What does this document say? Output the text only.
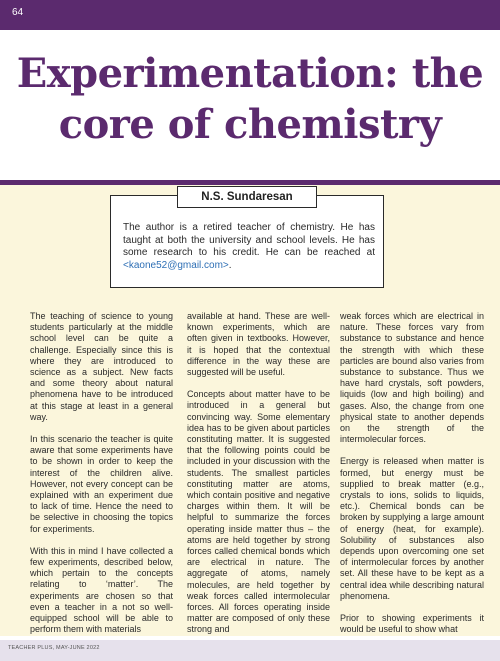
64
Experimentation: the
core of chemistry
N.S. Sundaresan

The author is a retired teacher of chemistry. He has taught at both the university and school levels. He has some research to his credit. He can be reached at <kaone52@gmail.com>.

The teaching of science to young students particularly at the middle school level can be quite a challenge. Especially since this is where they are introduced to science as a subject. New facts and some theory about natural phenomena have to be introduced at this stage at least in a general way.

In this scenario the teacher is quite aware that some experiments have to be shown in order to keep the interest of the children alive. However, not every concept can be explained with an experiment due to lack of time. Hence the need to be selective in choosing the topics for experiments.

With this in mind I have collected a few experiments, described below, which pertain to the concepts relating to ‘matter’. The experiments are chosen so that even a teacher in a not so well-equipped school will be able to perform them with materials

available at hand. These are well-known experiments, which are often given in textbooks. However, it is hoped that the contextual difference in the way these are suggested will be useful.

Concepts about matter have to be introduced in a general but convincing way. Some elementary idea has to be given about particles constituting matter. It is suggested that the following points could be included in your discussion with the students. The smallest particles constituting matter are atoms, which contain positive and negative charges within them. It will be helpful to summarize the forces operating inside matter thus – the atoms are held together by strong forces called chemical bonds which are electrical in nature. The aggregate of atoms, namely molecules, are held together by weak forces called intermolecular forces. All forces operating inside matter are composed of only these strong and

weak forces which are electrical in nature. These forces vary from substance to substance and hence the strength with which these particles are bound also varies from substance to substance. Thus we have hard crystals, soft powders, liquids (low and high boiling) and gases. Also, the change from one physical state to another depends on the strength of the intermolecular forces.

Energy is released when matter is formed, but energy must be supplied to break matter (e.g., crystals to ions, solids to liquids, etc.). Chemical bonds can be broken by supplying a large amount of energy (heat, for example). Solubility of substances also depends upon overcoming one set of intermolecular forces by another set. All these have to be kept as a central idea while describing natural phenomena.

Prior to showing experiments it would be useful to show what

TEACHER PLUS, MAY-JUNE 2022
